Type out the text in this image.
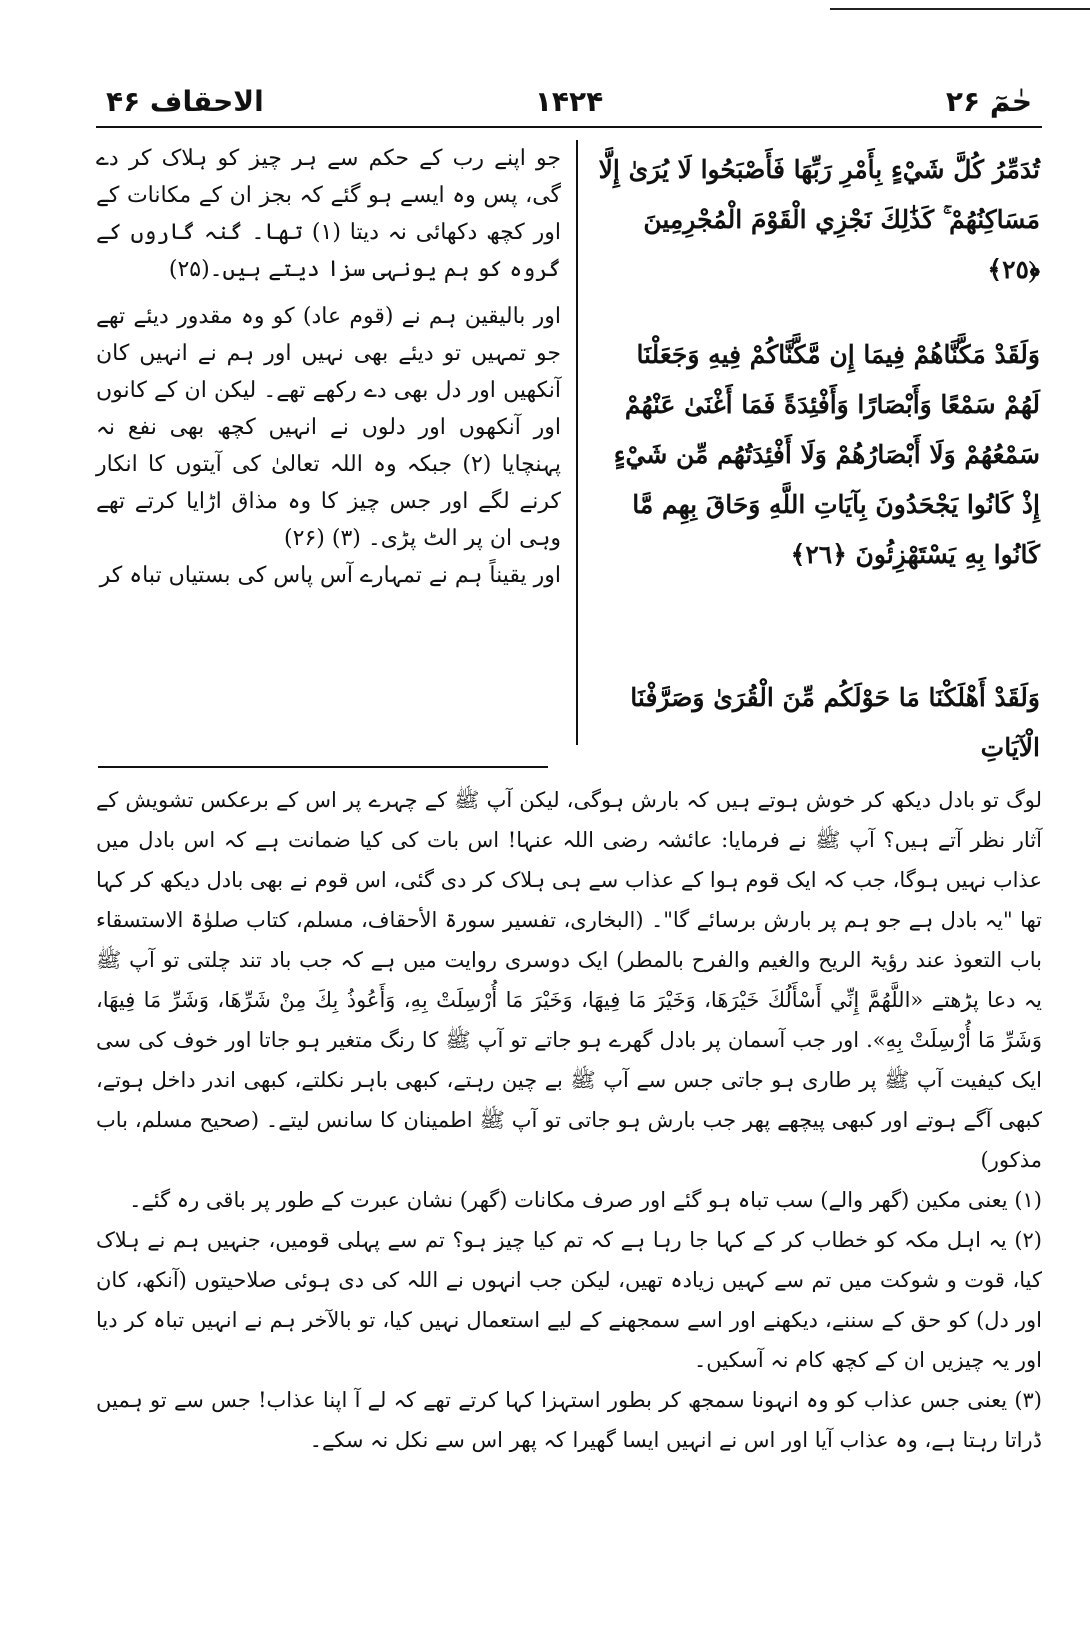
الاحقاف ۴۶	۱۴۲۴	حٰمٓ ۲۶

جو اپنے رب کے حکم سے ہر چیز کو ہلاک کر دے گی، پس وہ ایسے ہو گئے کہ بجز ان کے مکانات کے اور کچھ دکھائی نہ دیتا (۱) تھا۔ گنہ گاروں کے گروہ کو ہم یونہی سزا دیتے ہیں۔(۲۵)

اور بالیقین ہم نے (قوم عاد) کو وہ مقدور دیئے تھے جو تمہیں تو دیئے بھی نہیں اور ہم نے انہیں کان آنکھیں اور دل بھی دے رکھے تھے۔ لیکن ان کے کانوں اور آنکھوں اور دلوں نے انہیں کچھ بھی نفع نہ پہنچایا (۲) جبکہ وہ اللہ تعالیٰ کی آیتوں کا انکار کرنے لگے اور جس چیز کا وہ مذاق اڑایا کرتے تھے وہی ان پر الٹ پڑی۔ (۳) (۲۶)

اور یقیناً ہم نے تمہارے آس پاس کی بستیاں تباہ کر

تُدَمِّرُ كُلَّ شَيْءٍ بِأَمْرِ رَبِّهَا فَأَصْبَحُوا لَا يُرَىٰ إِلَّا مَسَاكِنُهُمْ ۚ كَذَٰلِكَ نَجْزِي الْقَوْمَ الْمُجْرِمِينَ ﴿٢٥﴾
وَلَقَدْ مَكَّنَّاهُمْ فِيمَا إِن مَّكَّنَّاكُمْ فِيهِ وَجَعَلْنَا لَهُمْ سَمْعًا وَأَبْصَارًا وَأَفْئِدَةً فَمَا أَغْنَىٰ عَنْهُمْ سَمْعُهُمْ وَلَا أَبْصَارُهُمْ وَلَا أَفْئِدَتُهُم مِّن شَيْءٍ إِذْ كَانُوا يَجْحَدُونَ بِآيَاتِ اللَّهِ وَحَاقَ بِهِم مَّا كَانُوا بِهِ يَسْتَهْزِئُونَ ﴿٢٦﴾
وَلَقَدْ أَهْلَكْنَا مَا حَوْلَكُم مِّنَ الْقُرَىٰ وَصَرَّفْنَا الْآيَاتِ

لوگ تو بادل دیکھ کر خوش ہوتے ہیں کہ بارش ہوگی، لیکن آپ ﷺ کے چہرے پر اس کے برعکس تشویش کے آثار نظر آتے ہیں؟ آپ ﷺ نے فرمایا: عائشہ رضی اللہ عنہا! اس بات کی کیا ضمانت ہے کہ اس بادل میں عذاب نہیں ہوگا، جب کہ ایک قوم ہوا کے عذاب سے ہی ہلاک کر دی گئی، اس قوم نے بھی بادل دیکھ کر کہا تھا "یہ بادل ہے جو ہم پر بارش برسائے گا"۔ (البخاری، تفسیر سورۃ الأحقاف، مسلم، کتاب صلوٰۃ الاستسقاء باب التعوذ عند رؤیۃ الریح والغیم والفرح بالمطر) ایک دوسری روایت میں ہے کہ جب باد تند چلتی تو آپ ﷺ یہ دعا پڑھتے «اللَّهُمَّ إِنِّي أَسْأَلُكَ خَيْرَهَا، وَخَيْرَ مَا فِيهَا، وَخَيْرَ مَا أُرْسِلَتْ بِهِ، وَأَعُوذُ بِكَ مِنْ شَرِّهَا، وَشَرِّ مَا فِيهَا، وَشَرِّ مَا أُرْسِلَتْ بِهِ». اور جب آسمان پر بادل گھرے ہو جاتے تو آپ ﷺ کا رنگ متغیر ہو جاتا اور خوف کی سی ایک کیفیت آپ ﷺ پر طاری ہو جاتی جس سے آپ ﷺ بے چین رہتے، کبھی باہر نکلتے، کبھی اندر داخل ہوتے، کبھی آگے ہوتے اور کبھی پیچھے پھر جب بارش ہو جاتی تو آپ ﷺ اطمینان کا سانس لیتے۔ (صحیح مسلم، باب مذکور)

(۱) یعنی مکین (گھر والے) سب تباہ ہو گئے اور صرف مکانات (گھر) نشان عبرت کے طور پر باقی رہ گئے۔

(۲) یہ اہل مکہ کو خطاب کر کے کہا جا رہا ہے کہ تم کیا چیز ہو؟ تم سے پہلی قومیں، جنہیں ہم نے ہلاک کیا، قوت و شوکت میں تم سے کہیں زیادہ تھیں، لیکن جب انہوں نے اللہ کی دی ہوئی صلاحیتوں (آنکھ، کان اور دل) کو حق کے سننے، دیکھنے اور اسے سمجھنے کے لیے استعمال نہیں کیا، تو بالآخر ہم نے انہیں تباہ کر دیا اور یہ چیزیں ان کے کچھ کام نہ آسکیں۔

(۳) یعنی جس عذاب کو وہ انہونا سمجھ کر بطور استہزا کہا کرتے تھے کہ لے آ اپنا عذاب! جس سے تو ہمیں ڈراتا رہتا ہے، وہ عذاب آیا اور اس نے انہیں ایسا گھیرا کہ پھر اس سے نکل نہ سکے۔
